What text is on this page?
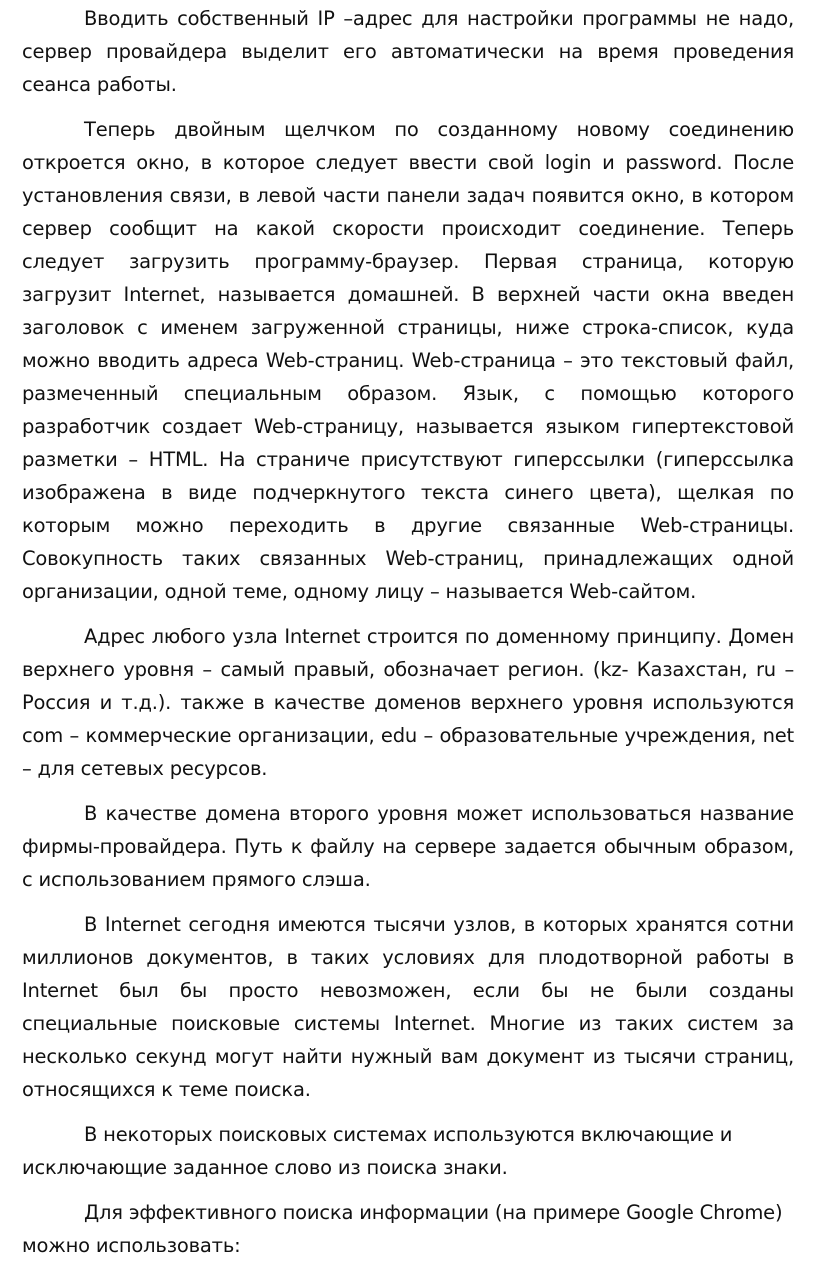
Вводить собственный IP –адрес для настройки программы не надо, сервер провайдера выделит его автоматически на время проведения сеанса работы.

Теперь двойным щелчком по созданному новому соединению откроется окно, в которое следует ввести свой login и password. После установления связи, в левой части панели задач появится окно, в котором сервер сообщит на какой скорости происходит соединение. Теперь следует загрузить программу-браузер. Первая страница, которую загрузит Internet, называется домашней. В верхней части окна введен заголовок с именем загруженной страницы, ниже строка-список, куда можно вводить адреса Web-страниц. Web-страница – это текстовый файл, размеченный специальным образом. Язык, с помощью которого разработчик создает Web-страницу, называется языком гипертекстовой разметки – HTML. На страниче присутствуют гиперссылки (гиперссылка изображена в виде подчеркнутого текста синего цвета), щелкая по которым можно переходить в другие связанные Web-страницы. Совокупность таких связанных Web-страниц, принадлежащих одной организации, одной теме, одному лицу – называется Web-сайтом.

Адрес любого узла Internet строится по доменному принципу. Домен верхнего уровня – самый правый, обозначает регион. (kz- Казахстан, ru – Россия и т.д.). также в качестве доменов верхнего уровня используются com – коммерческие организации, edu – образовательные учреждения, net – для сетевых ресурсов.

В качестве домена второго уровня может использоваться название фирмы-провайдера. Путь к файлу на сервере задается обычным образом, с использованием прямого слэша.

В Internet сегодня имеются тысячи узлов, в которых хранятся сотни миллионов документов, в таких условиях для плодотворной работы в Internet был бы просто невозможен, если бы не были созданы специальные поисковые системы Internet. Многие из таких систем за несколько секунд могут найти нужный вам документ из тысячи страниц, относящихся к теме поиска.

В некоторых поисковых системах используются включающие и исключающие заданное слово из поиска знаки.

Для эффективного поиска информации (на примере Google Chrome) можно использовать:
